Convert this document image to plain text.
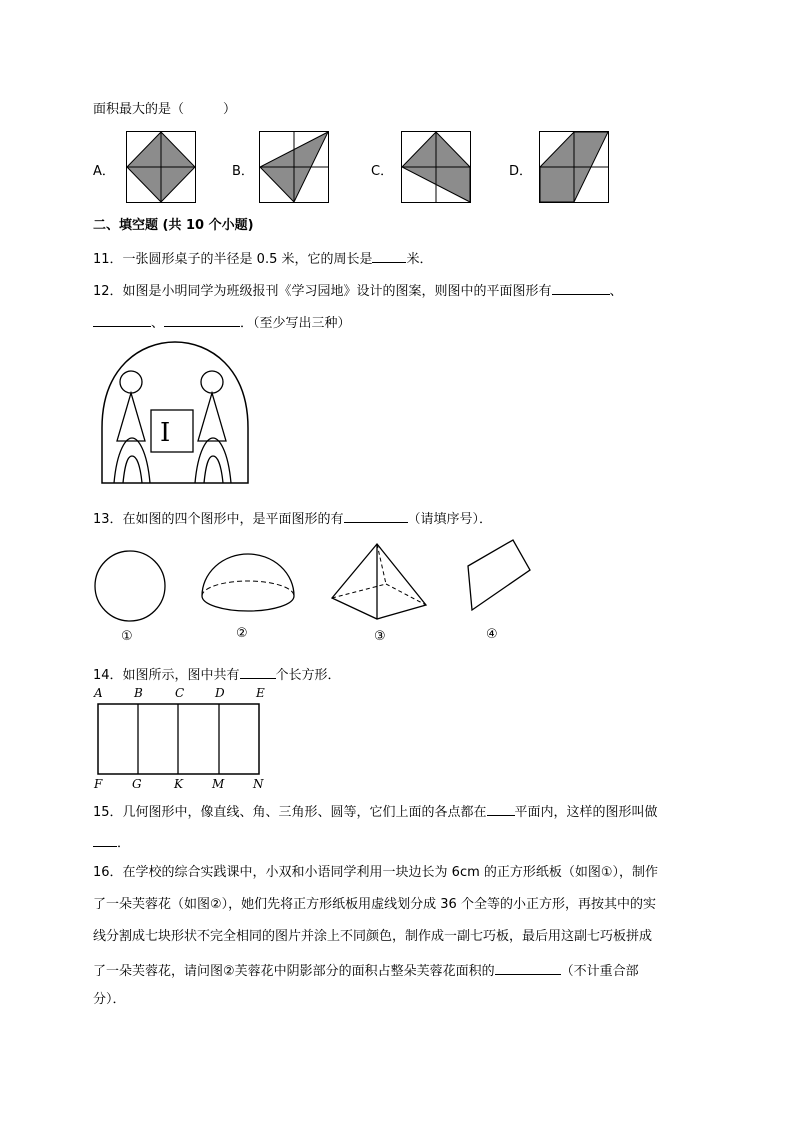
面积最大的是（　　　）
A．	B．	C．	D．
二、填空题 (共 10 个小题)
11．一张圆形桌子的半径是 0.5 米，它的周长是	米．
12．如图是小明同学为班级报刊《学习园地》设计的图案，则图中的平面图形有	、
、	．（至少写出三种）
I
13．在如图的四个图形中，是平面图形的有	（请填序号）．
①	②	③	④
14．如图所示，图中共有	个长方形．
A	B	C	D	E
F G	K M N
15．几何图形中，像直线、角、三角形、圆等，它们上面的各点都在 平面内，这样的图形叫做
．
16．在学校的综合实践课中，小双和小语同学利用一块边长为 6cm 的正方形纸板（如图①），制作
了一朵芙蓉花（如图②），她们先将正方形纸板用虚线划分成 36 个全等的小正方形，再按其中的实
线分割成七块形状不完全相同的图片并涂上不同颜色，制作成一副七巧板，最后用这副七巧板拼成
了一朵芙蓉花，请问图②芙蓉花中阴影部分的面积占整朵芙蓉花面积的	（不计重合部
分）．
